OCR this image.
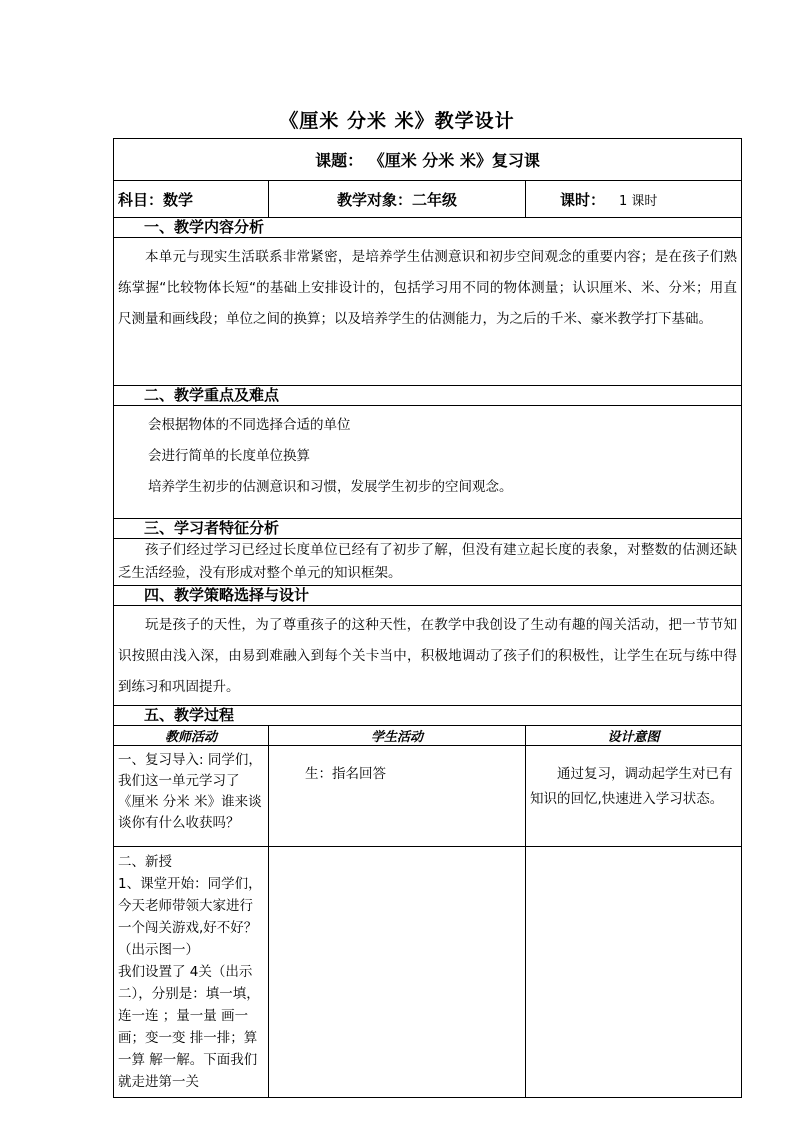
《厘米 分米 米》教学设计
课题： 《厘米 分米 米》复习课		
科目：数学	教学对象：二年级	课时： 1 课时
一、教学内容分析		

本单元与现实生活联系非常紧密，是培养学生估测意识和初步空间观念的重要内容；是在孩子们熟练掌握“比较物体长短“的基础上安排设计的，包括学习用不同的物体测量；认识厘米、米、分米；用直尺测量和画线段；单位之间的换算；以及培养学生的估测能力，为之后的千米、豪米教学打下基础。		

二、教学重点及难点		

会根据物体的不同选择合适的单位

会进行简单的长度单位换算

培养学生初步的估测意识和习惯，发展学生初步的空间观念。		

三、学习者特征分析		

孩子们经过学习已经过长度单位已经有了初步了解，但没有建立起长度的表象，对整数的估测还缺乏生活经验，没有形成对整个单元的知识框架。		

四、教学策略选择与设计		

玩是孩子的天性，为了尊重孩子的这种天性，在教学中我创设了生动有趣的闯关活动，把一节节知识按照由浅入深，由易到难融入到每个关卡当中，积极地调动了孩子们的积极性，让学生在玩与练中得到练习和巩固提升。		

五、教学过程		
教师活动	学生活动	设计意图

一、复习导入: 同学们，我们这一单元学习了《厘米 分米 米》谁来谈谈你有什么收获吗？	生：指名回答	通过复习，调动起学生对已有知识的回忆,快速进入学习状态。

二、新授

1、课堂开始：同学们，今天老师带领大家进行一个闯关游戏,好不好？（出示图一）

我们设置了 4关（出示二），分别是：填一填，连一连 ；量一量 画一画；变一变 排一排；算一算 解一解。下面我们就走进第一关		
